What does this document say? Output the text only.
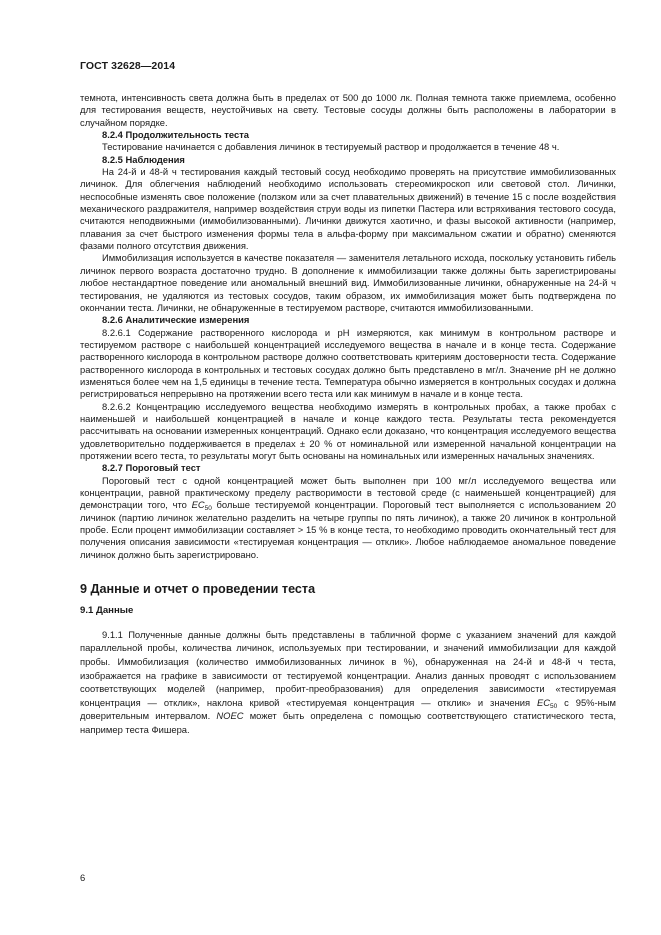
ГОСТ 32628—2014

темнота, интенсивность света должна быть в пределах от 500 до 1000 лк. Полная темнота также приемлема, особенно для тестирования веществ, неустойчивых на свету. Тестовые сосуды должны быть расположены в лаборатории в случайном порядке.

8.2.4 Продолжительность теста

Тестирование начинается с добавления личинок в тестируемый раствор и продолжается в течение 48 ч.

8.2.5 Наблюдения

На 24-й и 48-й ч тестирования каждый тестовый сосуд необходимо проверять на присутствие иммобилизованных личинок. Для облегчения наблюдений необходимо использовать стереомикроскоп или световой стол. Личинки, неспособные изменять свое положение (ползком или за счет плавательных движений) в течение 15 с после воздействия механического раздражителя, например воздействия струи воды из пипетки Пастера или встряхивания тестового сосуда, считаются неподвижными (иммобилизованными). Личинки движутся хаотично, и фазы высокой активности (например, плавания за счет быстрого изменения формы тела в альфа-форму при максимальном сжатии и обратно) сменяются фазами полного отсутствия движения.

Иммобилизация используется в качестве показателя — заменителя летального исхода, поскольку установить гибель личинок первого возраста достаточно трудно. В дополнение к иммобилизации также должны быть зарегистрированы любое нестандартное поведение или аномальный внешний вид. Иммобилизованные личинки, обнаруженные на 24-й ч тестирования, не удаляются из тестовых сосудов, таким образом, их иммобилизация может быть подтверждена по окончании теста. Личинки, не обнаруженные в тестируемом растворе, считаются иммобилизованными.

8.2.6 Аналитические измерения

8.2.6.1 Содержание растворенного кислорода и pH измеряются, как минимум в контрольном растворе и тестируемом растворе с наибольшей концентрацией исследуемого вещества в начале и в конце теста. Содержание растворенного кислорода в контрольном растворе должно соответствовать критериям достоверности теста. Содержание растворенного кислорода в контрольных и тестовых сосудах должно быть представлено в мг/л. Значение pH не должно изменяться более чем на 1,5 единицы в течение теста. Температура обычно измеряется в контрольных сосудах и должна регистрироваться непрерывно на протяжении всего теста или как минимум в начале и в конце теста.

8.2.6.2 Концентрацию исследуемого вещества необходимо измерять в контрольных пробах, а также пробах с наименьшей и наибольшей концентрацией в начале и конце каждого теста. Результаты теста рекомендуется рассчитывать на основании измеренных концентраций. Однако если доказано, что концентрация исследуемого вещества удовлетворительно поддерживается в пределах ± 20 % от номинальной или измеренной начальной концентрации на протяжении всего теста, то результаты могут быть основаны на номинальных или измеренных начальных значениях.

8.2.7 Пороговый тест

Пороговый тест с одной концентрацией может быть выполнен при 100 мг/л исследуемого вещества или концентрации, равной практическому пределу растворимости в тестовой среде (с наименьшей концентрацией) для демонстрации того, что $EC_{50}$ больше тестируемой концентрации. Пороговый тест выполняется с использованием 20 личинок (партию личинок желательно разделить на четыре группы по пять личинок), а также 20 личинок в контрольной пробе. Если процент иммобилизации составляет > 15 % в конце теста, то необходимо проводить окончательный тест для получения описания зависимости «тестируемая концентрация — отклик». Любое наблюдаемое аномальное поведение личинок должно быть зарегистрировано.

9 Данные и отчет о проведении теста
9.1 Данные

9.1.1 Полученные данные должны быть представлены в табличной форме с указанием значений для каждой параллельной пробы, количества личинок, используемых при тестировании, и значений иммобилизации для каждой пробы. Иммобилизация (количество иммобилизованных личинок в %), обнаруженная на 24-й и 48-й ч теста, изображается на графике в зависимости от тестируемой концентрации. Анализ данных проводят с использованием соответствующих моделей (например, пробит-преобразования) для определения зависимости «тестируемая концентрация — отклик», наклона кривой «тестируемая концентрация — отклик» и значения $EC_{50}$ с 95%-ным доверительным интервалом. NOEC может быть определена с помощью соответствующего статистического теста, например теста Фишера.

6
